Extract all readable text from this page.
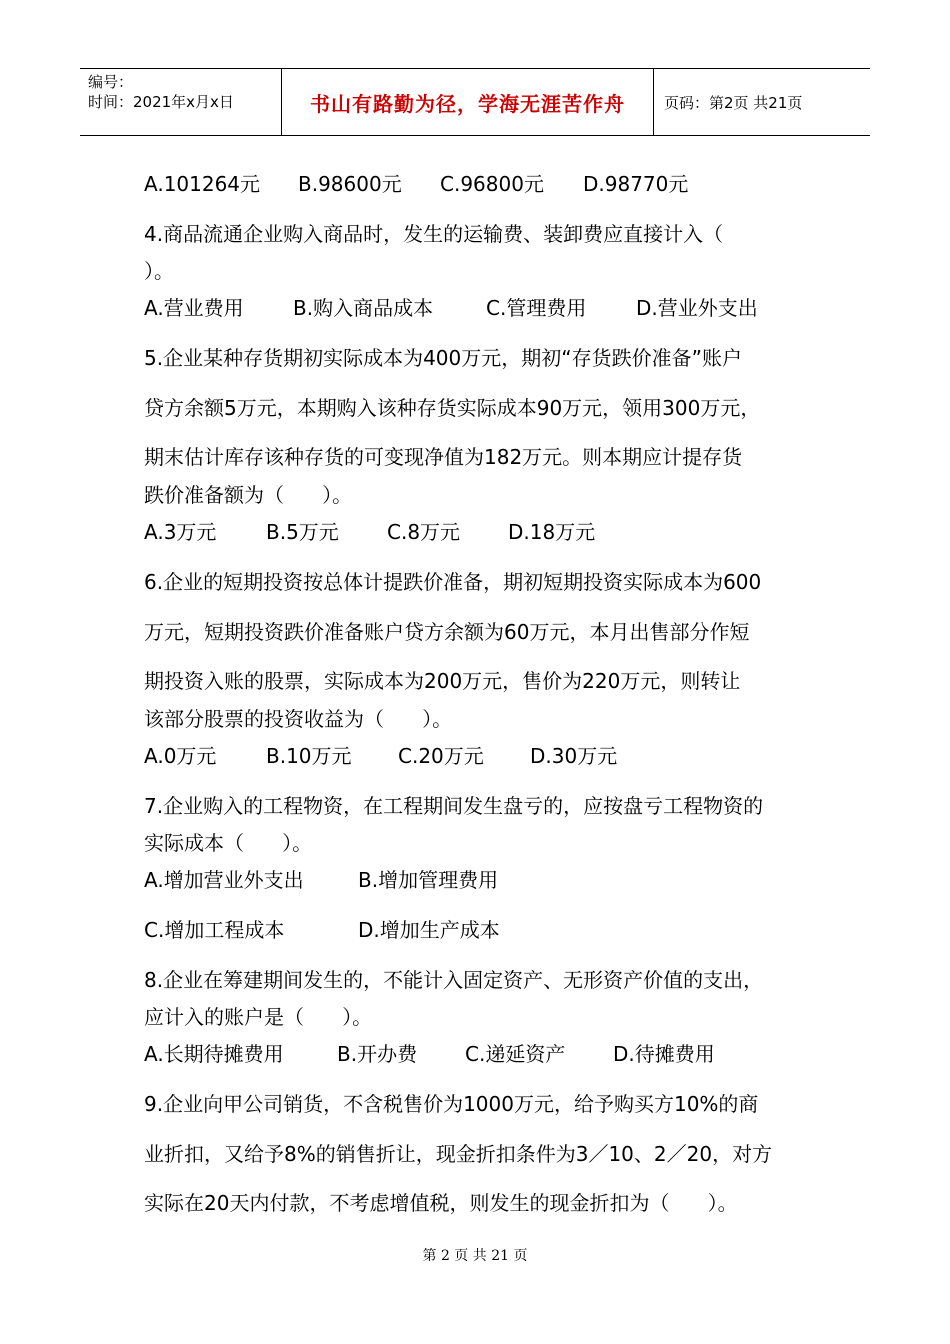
编号：
时间：2021年x月x日	书山有路勤为径，学海无涯苦作舟	页码：第2页 共21页
A.101264元 B.98600元 C.96800元 D.98770元
4.商品流通企业购入商品时，发生的运输费、装卸费应直接计入（
）。
A.营业费用 B.购入商品成本	C.管理费用 D.营业外支出
5.企业某种存货期初实际成本为400万元，期初“存货跌价准备”账户
贷方余额5万元，本期购入该种存货实际成本90万元，领用300万元，
期末估计库存该种存货的可变现净值为182万元。则本期应计提存货
跌价准备额为（      ）。
A.3万元 B.5万元 C.8万元 D.18万元
6.企业的短期投资按总体计提跌价准备，期初短期投资实际成本为600
万元，短期投资跌价准备账户贷方余额为60万元，本月出售部分作短
期投资入账的股票，实际成本为200万元，售价为220万元，则转让
该部分股票的投资收益为（      ）。
A.0万元 B.10万元 C.20万元 D.30万元
7.企业购入的工程物资，在工程期间发生盘亏的，应按盘亏工程物资的
实际成本（      ）。
A.增加营业外支出	B.增加管理费用
C.增加工程成本	D.增加生产成本
8.企业在筹建期间发生的，不能计入固定资产、无形资产价值的支出，
应计入的账户是（      ）。
A.长期待摊费用	B.开办费 C.递延资产 D.待摊费用
9.企业向甲公司销货，不含税售价为1000万元，给予购买方10%的商
业折扣，又给予8%的销售折让，现金折扣条件为3／10、2／20，对方
实际在20天内付款，不考虑增值税，则发生的现金折扣为（      ）。
第 2 页 共 21 页
